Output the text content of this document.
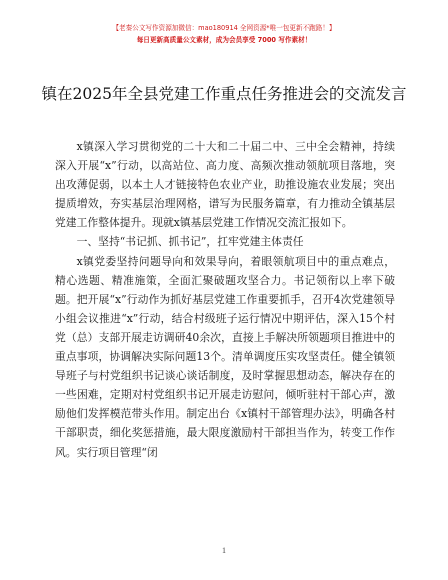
【老秦公文写作资源加微信：mao180914 全网资源*唯一包更新不跑路！】
每日更新高质量公文素材，成为会员享受 7000 写作素材！
镇在2025年全县党建工作重点任务推进会的交流发言

x镇深入学习贯彻党的二十大和二十届二中、三中全会精神，持续深入开展“x”行动，以高站位、高力度、高频次推动领航项目落地，突出攻薄促弱，以本土人才链接特色农业产业，助推设施农业发展；突出提质增效，夯实基层治理网格，谱写为民服务篇章，有力推动全镇基层党建工作整体提升。现就x镇基层党建工作情况交流汇报如下。

一、坚持“书记抓、抓书记”，扛牢党建主体责任

x镇党委坚持问题导向和效果导向，着眼领航项目中的重点难点，精心选题、精准施策，全面汇聚破题攻坚合力。书记领衔以上率下破题。把开展“x”行动作为抓好基层党建工作重要抓手，召开4次党建领导小组会议推进“x”行动，结合村级班子运行情况中期评估，深入15个村党（总）支部开展走访调研40余次，直接上手解决所领题项目推进中的重点事项，协调解决实际问题13个。清单调度压实攻坚责任。健全镇领导班子与村党组织书记谈心谈话制度，及时掌握思想动态，解决存在的一些困难，定期对村党组织书记开展走访慰问，倾听驻村干部心声，激励他们发挥模范带头作用。制定出台《x镇村干部管理办法》，明确各村干部职责，细化奖惩措施，最大限度激励村干部担当作为，转变工作作风。实行项目管理“闭

1
